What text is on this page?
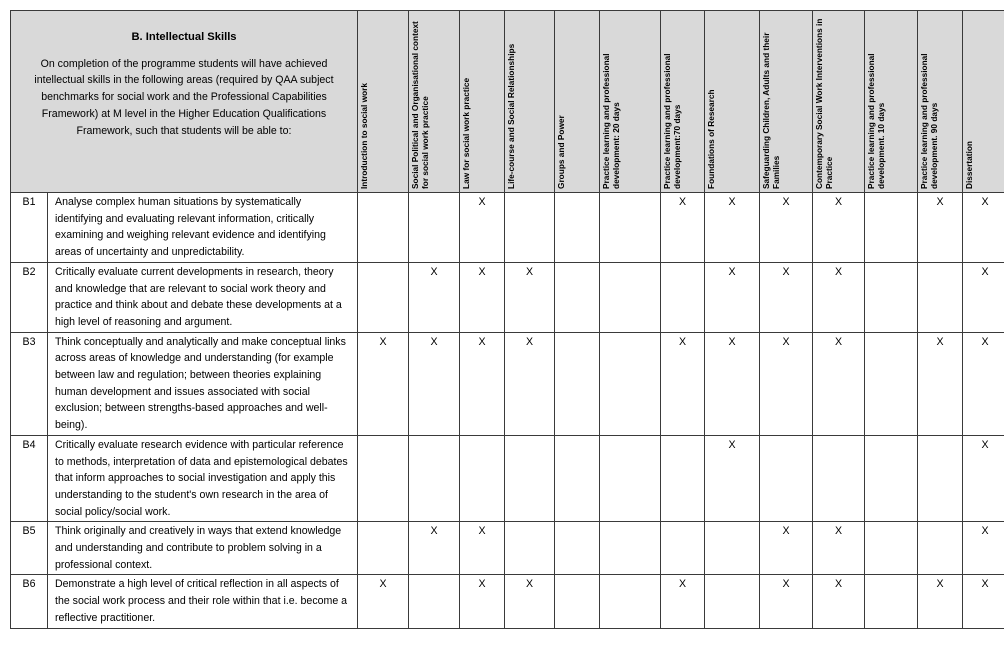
B. Intellectual Skills
On completion of the programme students will have achieved intellectual skills in the following areas (required by QAA subject benchmarks for social work and the Professional Capabilities Framework) at M level in the Higher Education Qualifications Framework, such that students will be able to:		Introduction to social work	Social Political and Organisational context for social work practice	Law for social work practice	Life-course and Social Relationships	Groups and Power	Practice learning and professional development: 20 days	Practice learning and professional development:70 days	Foundations of Research	Safeguarding Children, Adults and their Families	Contemporary Social Work Interventions in Practice	Practice learning and professional development. 10 days	Practice learning and professional development. 90 days	Dissertation

B1	Analyse complex human situations by systematically identifying and evaluating relevant information, critically examining and weighing relevant evidence and identifying areas of uncertainty and unpredictability.			X				X	X	X	X		X	X
B2	Critically evaluate current developments in research, theory and knowledge that are relevant to social work theory and practice and think about and debate these developments at a high level of reasoning and argument.		X	X	X				X	X	X			X
B3	Think conceptually and analytically and make conceptual links across areas of knowledge and understanding (for example between law and regulation; between theories explaining human development and issues associated with social exclusion; between strengths-based approaches and well-being).	X	X	X	X			X	X	X	X		X	X
B4	Critically evaluate research evidence with particular reference to methods, interpretation of data and epistemological debates that inform approaches to social investigation and apply this understanding to the student's own research in the area of social policy/social work.								X					X
B5	Think originally and creatively in ways that extend knowledge and understanding and contribute to problem solving in a professional context.		X	X						X	X			X
B6	Demonstrate a high level of critical reflection in all aspects of the social work process and their role within that i.e. become a reflective practitioner.	X		X	X			X		X	X		X	X
